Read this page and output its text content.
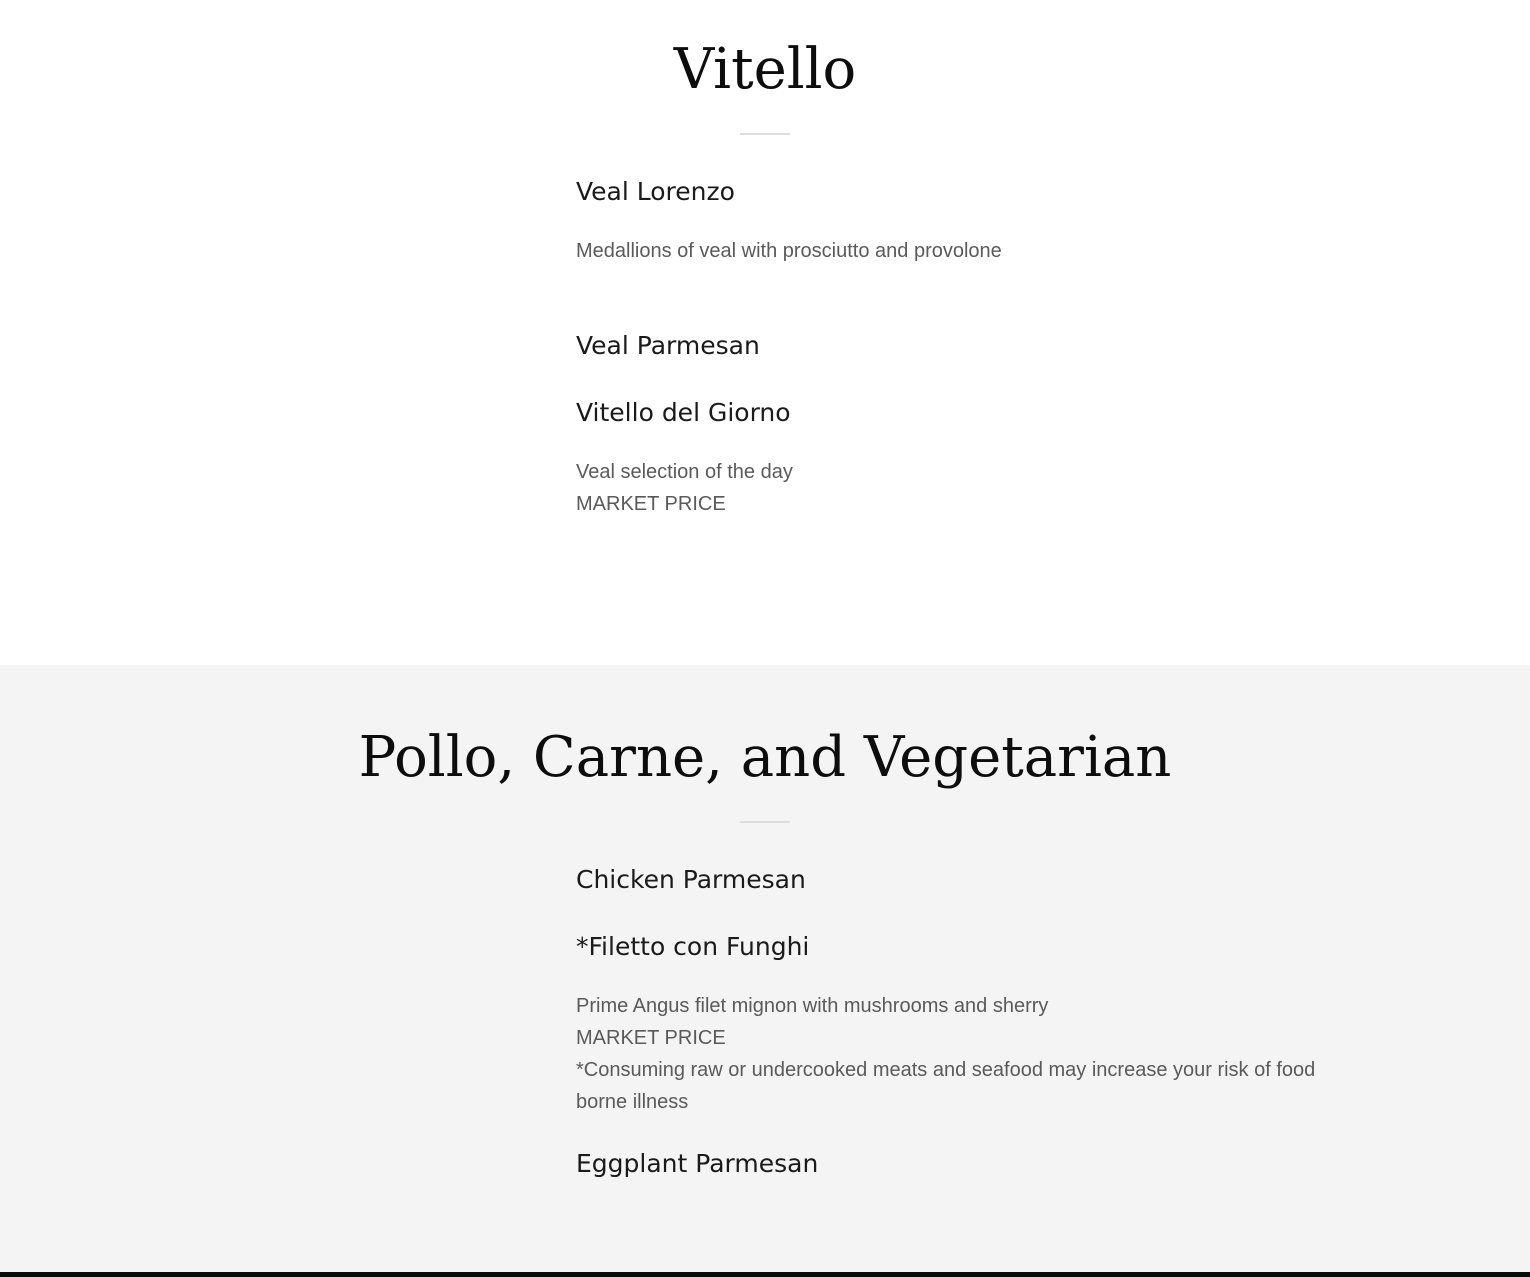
Vitello
Veal Lorenzo

Medallions of veal with prosciutto and provolone

Veal Parmesan
Vitello del Giorno

Veal selection of the day
MARKET PRICE

Pollo, Carne, and Vegetarian
Chicken Parmesan
*Filetto con Funghi

Prime Angus filet mignon with mushrooms and sherry
MARKET PRICE
*Consuming raw or undercooked meats and seafood may increase your risk of food borne illness

Eggplant Parmesan
